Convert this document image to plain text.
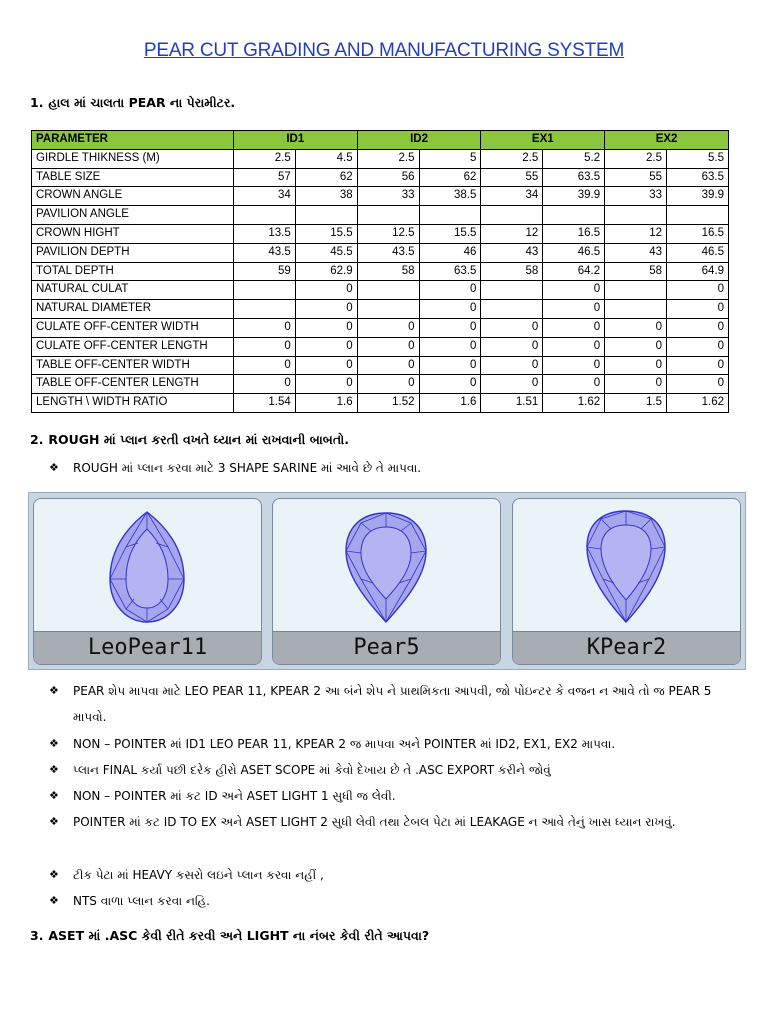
PEAR CUT GRADING AND MANUFACTURING SYSTEM
1. હાલ માં ચાલતા PEAR ના પેરામીટર.
PARAMETER	ID1		ID2		EX1		EX2	
GIRDLE THIKNESS (M)	2.5	4.5	2.5	5	2.5	5.2	2.5	5.5
TABLE SIZE	57	62	56	62	55	63.5	55	63.5
CROWN ANGLE	34	38	33	38.5	34	39.9	33	39.9
PAVILION ANGLE								
CROWN HIGHT	13.5	15.5	12.5	15.5	12	16.5	12	16.5
PAVILION DEPTH	43.5	45.5	43.5	46	43	46.5	43	46.5
TOTAL DEPTH	59	62.9	58	63.5	58	64.2	58	64.9
NATURAL CULAT		0		0		0		0
NATURAL DIAMETER		0		0		0		0
CULATE OFF-CENTER WIDTH	0	0	0	0	0	0	0	0
CULATE OFF-CENTER LENGTH	0	0	0	0	0	0	0	0
TABLE OFF-CENTER WIDTH	0	0	0	0	0	0	0	0
TABLE OFF-CENTER LENGTH	0	0	0	0	0	0	0	0
LENGTH \ WIDTH RATIO	1.54	1.6	1.52	1.6	1.51	1.62	1.5	1.62
2. ROUGH માં પ્લાન કરતી વખતે ધ્યાન માં રાખવાની બાબતો.
❖	ROUGH માં પ્લાન કરવા માટે 3 SHAPE SARINE માં આવે છે તે માપવા.
LeoPear11	Pear5	KPear2
❖	PEAR શેપ માપવા માટે LEO PEAR 11, KPEAR 2 આ બંને શેપ ને પ્રાથમિકતા આપવી, જો પોઇન્ટર કે વજન ન આવે તો જ PEAR 5 માપવો.
❖	NON – POINTER માં ID1 LEO PEAR 11, KPEAR 2 જ માપવા અને POINTER માં ID2, EX1, EX2 માપવા.
❖	પ્લાન FINAL કર્યા પછી દરેક હીરો ASET SCOPE માં કેવો દેખાય છે તે .ASC EXPORT કરીને જોવું
❖	NON – POINTER માં કટ ID અને ASET LIGHT 1 સુધી જ લેવી.
❖	POINTER માં કટ ID TO EX અને ASET LIGHT 2 સુધી લેવી તથા ટેબલ પેટા માં LEAKAGE ન આવે તેનું ખાસ ધ્યાન રાખવું.
❖	ટીક પેટા માં HEAVY કસરો લઇને પ્લાન કરવા નહીં ,
❖	NTS વાળા પ્લાન કરવા નહિ.
3. ASET માં .ASC કેવી રીતે કરવી અને LIGHT ના નંબર કેવી રીતે આપવા?
